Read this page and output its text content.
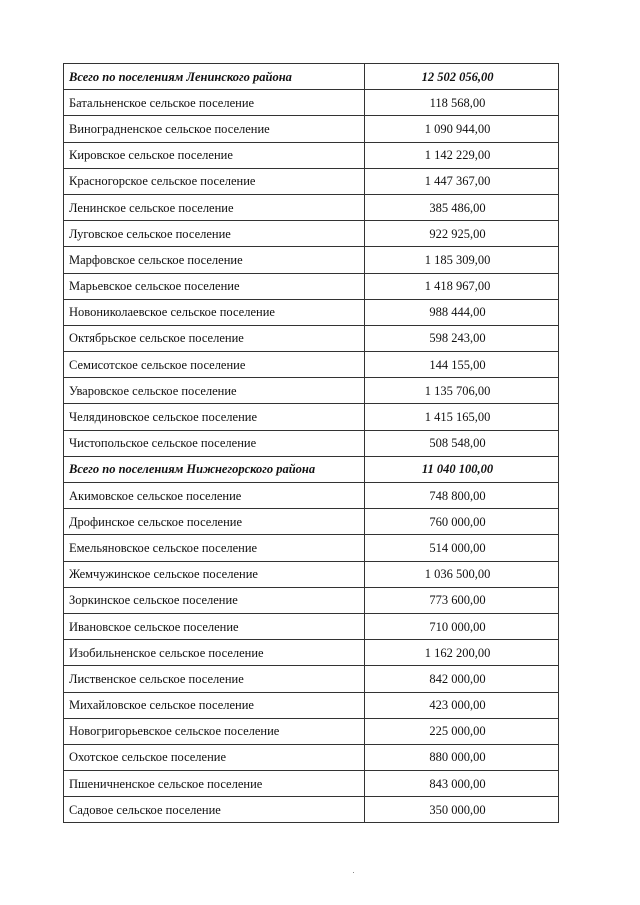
Всего по поселениям Ленинского района	12 502 056,00
Батальненское сельское поселение	118 568,00
Виноградненское сельское поселение	1 090 944,00
Кировское сельское поселение	1 142 229,00
Красногорское сельское поселение	1 447 367,00
Ленинское сельское поселение	385 486,00
Луговское сельское поселение	922 925,00
Марфовское сельское поселение	1 185 309,00
Марьевское сельское поселение	1 418 967,00
Новониколаевское сельское поселение	988 444,00
Октябрьское сельское поселение	598 243,00
Семисотское сельское поселение	144 155,00
Уваровское сельское поселение	1 135 706,00
Челядиновское сельское поселение	1 415 165,00
Чистопольское сельское поселение	508 548,00
Всего по поселениям Нижнегорского района	11 040 100,00
Акимовское сельское поселение	748 800,00
Дрофинское сельское поселение	760 000,00
Емельяновское сельское поселение	514 000,00
Жемчужинское сельское поселение	1 036 500,00
Зоркинское сельское поселение	773 600,00
Ивановское сельское поселение	710 000,00
Изобильненское сельское поселение	1 162 200,00
Лиственское сельское поселение	842 000,00
Михайловское сельское поселение	423 000,00
Новогригорьевское сельское поселение	225 000,00
Охотское сельское поселение	880 000,00
Пшеничненское сельское поселение	843 000,00
Садовое сельское поселение	350 000,00
